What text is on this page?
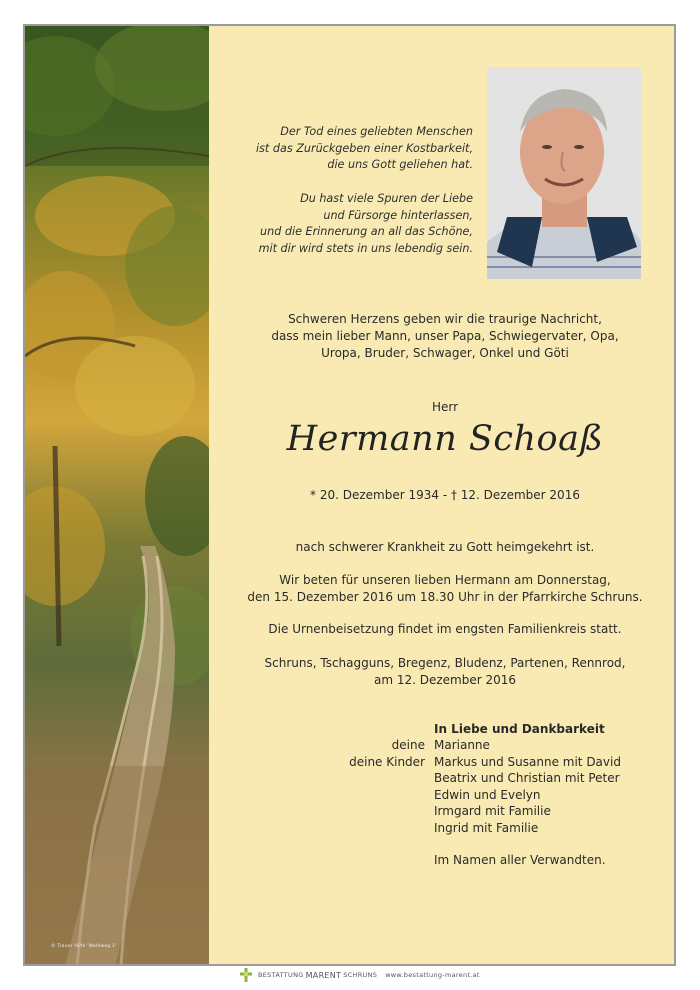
© Trauer Hilfe 'Waldweg 1'
Der Tod eines geliebten Menschen
ist das Zurückgeben einer Kostbarkeit,
die uns Gott geliehen hat.
Du hast viele Spuren der Liebe
und Fürsorge hinterlassen,
und die Erinnerung an all das Schöne,
mit dir wird stets in uns lebendig sein.
Schweren Herzens geben wir die traurige Nachricht,
dass mein lieber Mann, unser Papa, Schwiegervater, Opa,
Uropa, Bruder, Schwager, Onkel und Göti
Herr
Hermann Schoaß
* 20. Dezember 1934 - † 12. Dezember 2016
nach schwerer Krankheit zu Gott heimgekehrt ist.
Wir beten für unseren lieben Hermann am Donnerstag,
den 15. Dezember 2016 um 18.30 Uhr in der Pfarrkirche Schruns.
Die Urnenbeisetzung findet im engsten Familienkreis statt.
Schruns, Tschagguns, Bregenz, Bludenz, Partenen, Rennrod,
am 12. Dezember 2016
In Liebe und Dankbarkeit
deine
deine Kinder
Marianne
Markus und Susanne mit David
Beatrix und Christian mit Peter
Edwin und Evelyn
Irmgard mit Familie
Ingrid mit Familie
Im Namen aller Verwandten.
BESTATTUNG MARENT SCHRUNS www.bestattung-marent.at
